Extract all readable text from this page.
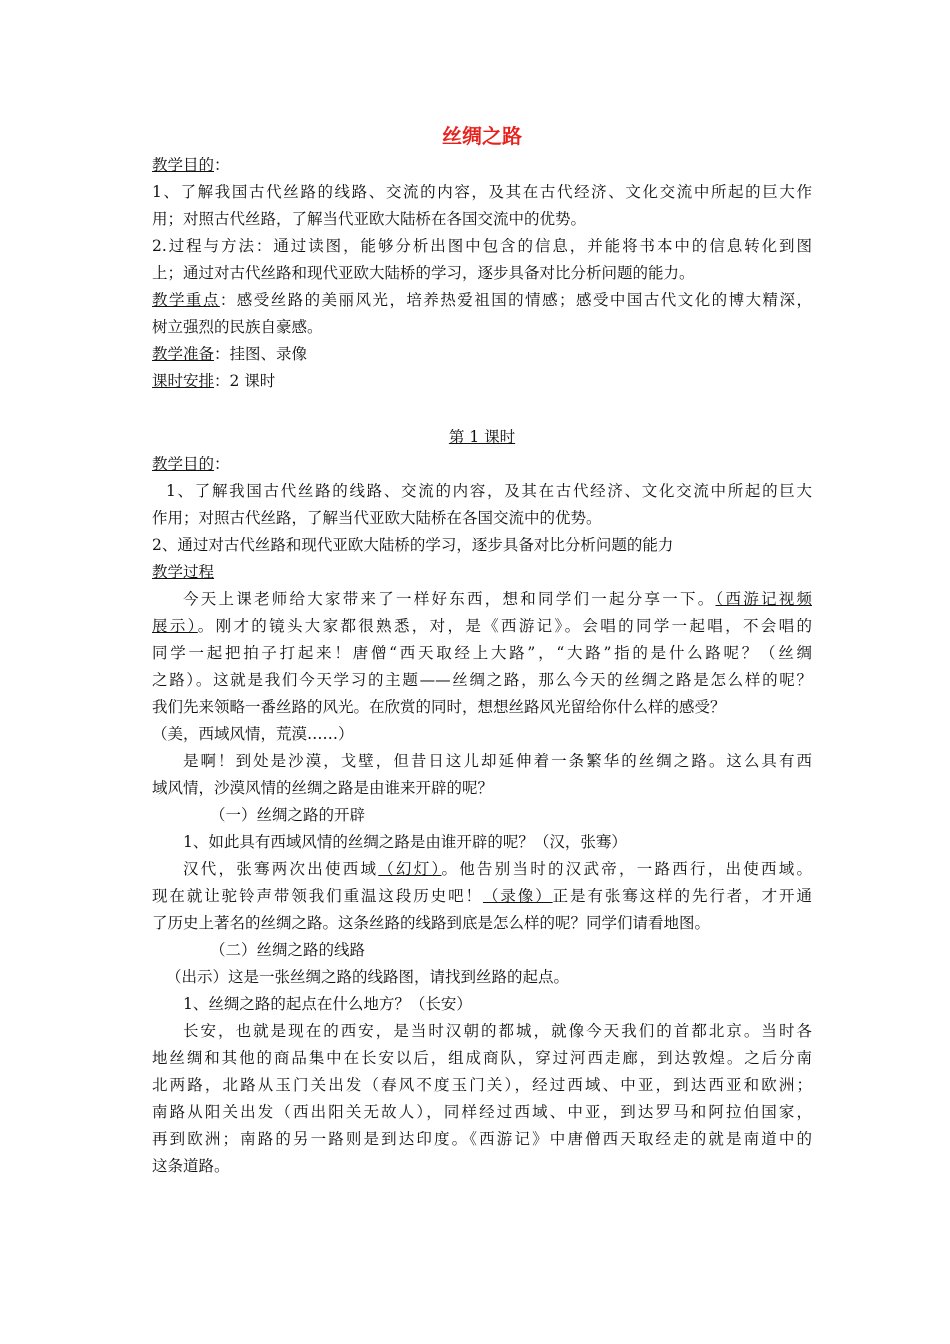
丝绸之路
教学目的：
1、了解我国古代丝路的线路、交流的内容，及其在古代经济、文化交流中所起的巨大作
用；对照古代丝路，了解当代亚欧大陆桥在各国交流中的优势。
2.过程与方法：通过读图，能够分析出图中包含的信息，并能将书本中的信息转化到图
上；通过对古代丝路和现代亚欧大陆桥的学习，逐步具备对比分析问题的能力。
教学重点：感受丝路的美丽风光，培养热爱祖国的情感；感受中国古代文化的博大精深，
树立强烈的民族自豪感。
教学准备：挂图、录像
课时安排：2 课时
第 1 课时
教学目的：
1、了解我国古代丝路的线路、交流的内容，及其在古代经济、文化交流中所起的巨大
作用；对照古代丝路，了解当代亚欧大陆桥在各国交流中的优势。
2、通过对古代丝路和现代亚欧大陆桥的学习，逐步具备对比分析问题的能力
教学过程
今天上课老师给大家带来了一样好东西，想和同学们一起分享一下。（西游记视频
展示）。刚才的镜头大家都很熟悉，对，是《西游记》。会唱的同学一起唱，不会唱的
同学一起把拍子打起来！唐僧“西天取经上大路”，“大路”指的是什么路呢？（丝绸
之路）。这就是我们今天学习的主题——丝绸之路，那么今天的丝绸之路是怎么样的呢？
我们先来领略一番丝路的风光。在欣赏的同时，想想丝路风光留给你什么样的感受？
（美，西域风情，荒漠……）
是啊！到处是沙漠，戈壁，但昔日这儿却延伸着一条繁华的丝绸之路。这么具有西
域风情，沙漠风情的丝绸之路是由谁来开辟的呢？
（一）丝绸之路的开辟
1、如此具有西域风情的丝绸之路是由谁开辟的呢？（汉，张骞）
汉代，张骞两次出使西域（幻灯）。他告别当时的汉武帝，一路西行，出使西域。
现在就让驼铃声带领我们重温这段历史吧！（录像）正是有张骞这样的先行者，才开通
了历史上著名的丝绸之路。这条丝路的线路到底是怎么样的呢？同学们请看地图。
（二）丝绸之路的线路
（出示）这是一张丝绸之路的线路图，请找到丝路的起点。
1、丝绸之路的起点在什么地方？（长安）
长安，也就是现在的西安，是当时汉朝的都城，就像今天我们的首都北京。当时各
地丝绸和其他的商品集中在长安以后，组成商队，穿过河西走廊，到达敦煌。之后分南
北两路，北路从玉门关出发（春风不度玉门关），经过西域、中亚，到达西亚和欧洲；
南路从阳关出发（西出阳关无故人），同样经过西域、中亚，到达罗马和阿拉伯国家，
再到欧洲；南路的另一路则是到达印度。《西游记》中唐僧西天取经走的就是南道中的
这条道路。
